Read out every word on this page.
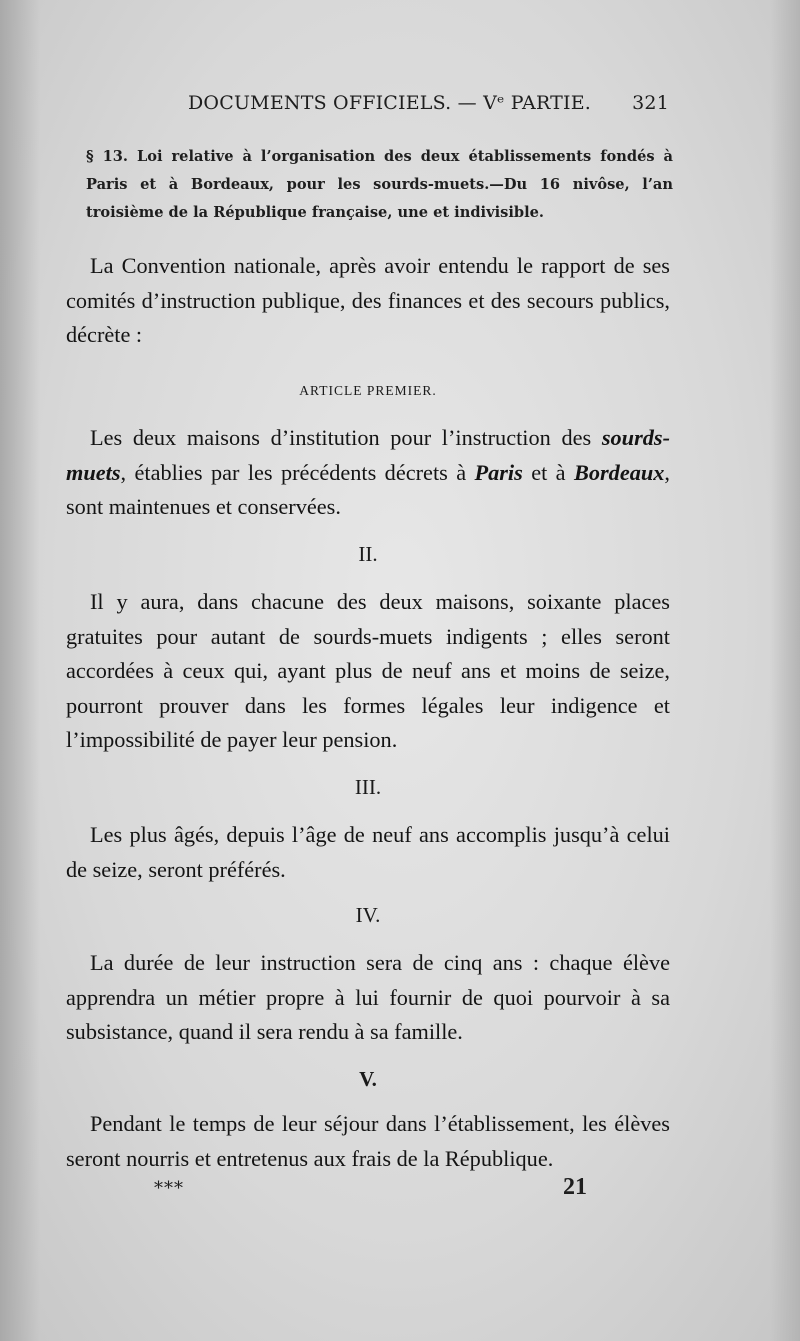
DOCUMENTS OFFICIELS. — Vᵉ PARTIE. 321
§ 13. Loi relative à l’organisation des deux établissements fondés à Paris et à Bordeaux, pour les sourds-muets.—Du 16 nivôse, l’an troisième de la République française, une et indivisible.
La Convention nationale, après avoir entendu le rapport de ses comités d’instruction publique, des finances et des secours publics, décrète :
ARTICLE PREMIER.
Les deux maisons d’institution pour l’instruction des sourds-muets, établies par les précédents décrets à Paris et à Bordeaux, sont maintenues et conservées.
II.
Il y aura, dans chacune des deux maisons, soixante places gratuites pour autant de sourds-muets indigents ; elles seront accordées à ceux qui, ayant plus de neuf ans et moins de seize, pourront prouver dans les formes légales leur indigence et l’impossibilité de payer leur pension.
III.
Les plus âgés, depuis l’âge de neuf ans accomplis jusqu’à celui de seize, seront préférés.
IV.
La durée de leur instruction sera de cinq ans : chaque élève apprendra un métier propre à lui fournir de quoi pourvoir à sa subsistance, quand il sera rendu à sa famille.
V.
Pendant le temps de leur séjour dans l’établissement, les élèves seront nourris et entretenus aux frais de la République.
***	21
